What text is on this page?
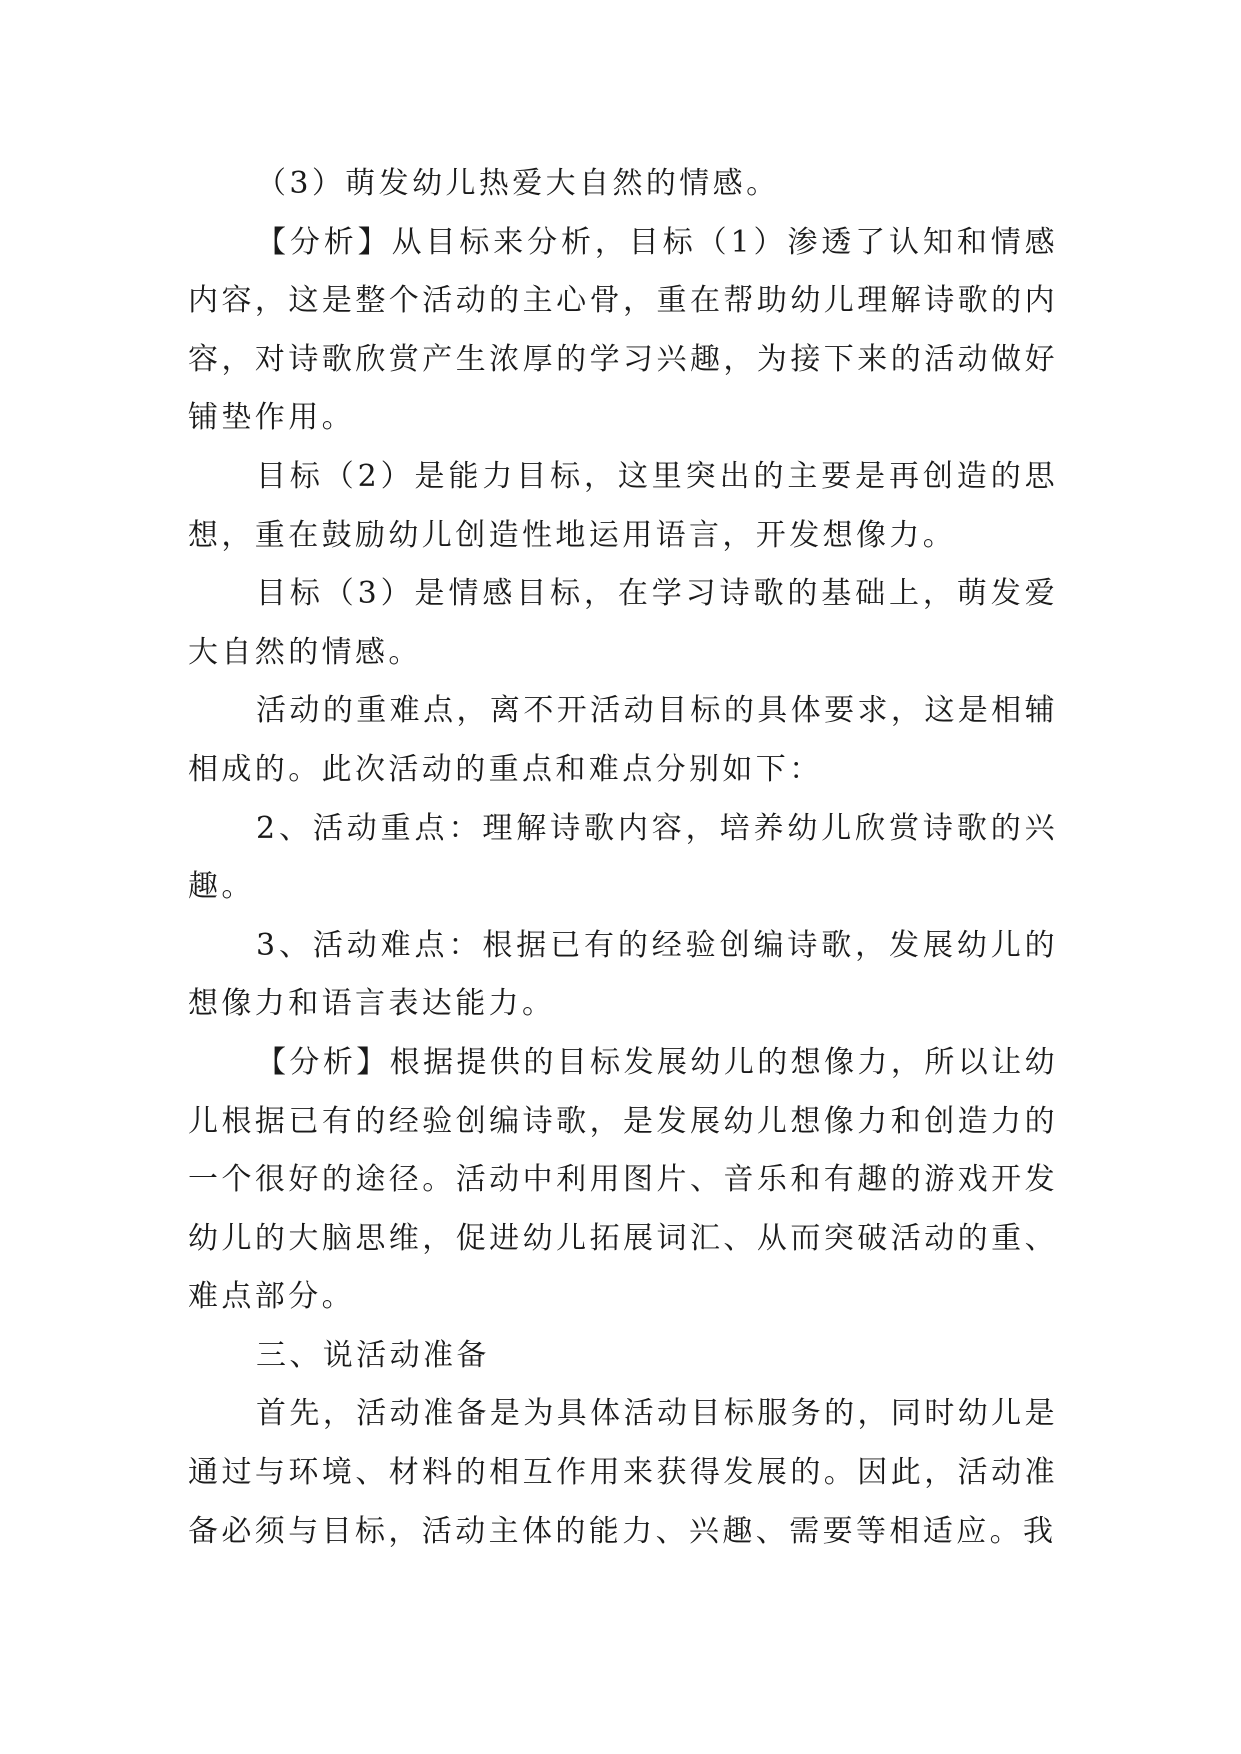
（3）萌发幼儿热爱大自然的情感。

【分析】从目标来分析，目标（1）渗透了认知和情感内容，这是整个活动的主心骨，重在帮助幼儿理解诗歌的内容，对诗歌欣赏产生浓厚的学习兴趣，为接下来的活动做好铺垫作用。

目标（2）是能力目标，这里突出的主要是再创造的思想，重在鼓励幼儿创造性地运用语言，开发想像力。

目标（3）是情感目标，在学习诗歌的基础上，萌发爱大自然的情感。

活动的重难点，离不开活动目标的具体要求，这是相辅相成的。此次活动的重点和难点分别如下：

2、活动重点：理解诗歌内容，培养幼儿欣赏诗歌的兴趣。

3、活动难点：根据已有的经验创编诗歌，发展幼儿的想像力和语言表达能力。

【分析】根据提供的目标发展幼儿的想像力，所以让幼儿根据已有的经验创编诗歌，是发展幼儿想像力和创造力的一个很好的途径。活动中利用图片、音乐和有趣的游戏开发幼儿的大脑思维，促进幼儿拓展词汇、从而突破活动的重、难点部分。

三、说活动准备

首先，活动准备是为具体活动目标服务的，同时幼儿是通过与环境、材料的相互作用来获得发展的。因此，活动准备必须与目标，活动主体的能力、兴趣、需要等相适应。我
